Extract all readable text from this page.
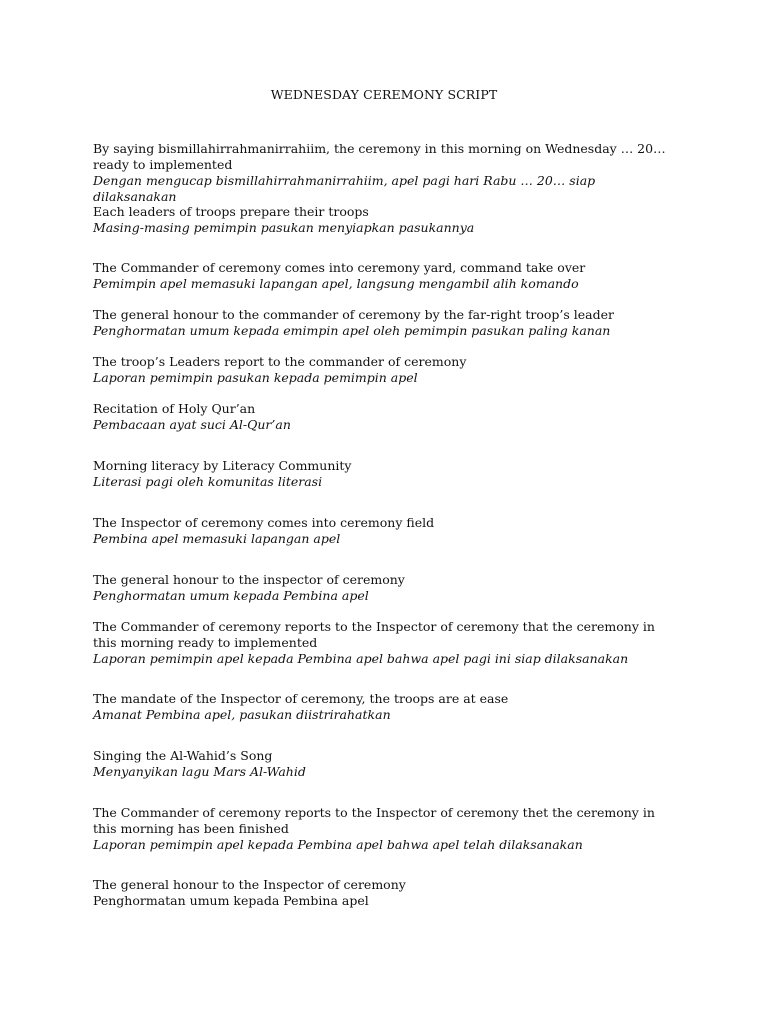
WEDNESDAY CEREMONY SCRIPT
By saying bismillahirrahmanirrahiim, the ceremony in this morning on Wednesday … 20… ready to implemented
Dengan mengucap bismillahirrahmanirrahiim, apel pagi hari Rabu … 20… siap dilaksanakan
Each leaders of troops prepare their troops
Masing-masing pemimpin pasukan menyiapkan pasukannya
The Commander of ceremony comes into ceremony yard, command take over
Pemimpin apel memasuki lapangan apel, langsung mengambil alih komando
The general honour to the commander of ceremony by the far-right troop’s leader
Penghormatan umum kepada emimpin apel oleh pemimpin pasukan paling kanan
The troop’s Leaders report to the commander of ceremony
Laporan pemimpin pasukan kepada pemimpin apel
Recitation of Holy Qur’an
Pembacaan ayat suci Al-Qur’an
Morning literacy by Literacy Community
Literasi pagi oleh komunitas literasi
The Inspector of ceremony comes into ceremony field
Pembina apel memasuki lapangan apel
The general honour to the inspector of ceremony
Penghormatan umum kepada Pembina apel
The Commander of ceremony reports to the Inspector of ceremony that the ceremony in this morning ready to implemented
Laporan pemimpin apel kepada Pembina apel bahwa apel pagi ini siap dilaksanakan
The mandate of the Inspector of ceremony, the troops are at ease
Amanat Pembina apel, pasukan diistrirahatkan
Singing the Al-Wahid’s Song
Menyanyikan lagu Mars Al-Wahid
The Commander of ceremony reports to the Inspector of ceremony thet the ceremony in this morning has been finished
Laporan pemimpin apel kepada Pembina apel bahwa apel telah dilaksanakan
The general honour to the Inspector of ceremony
Penghormatan umum kepada Pembina apel
